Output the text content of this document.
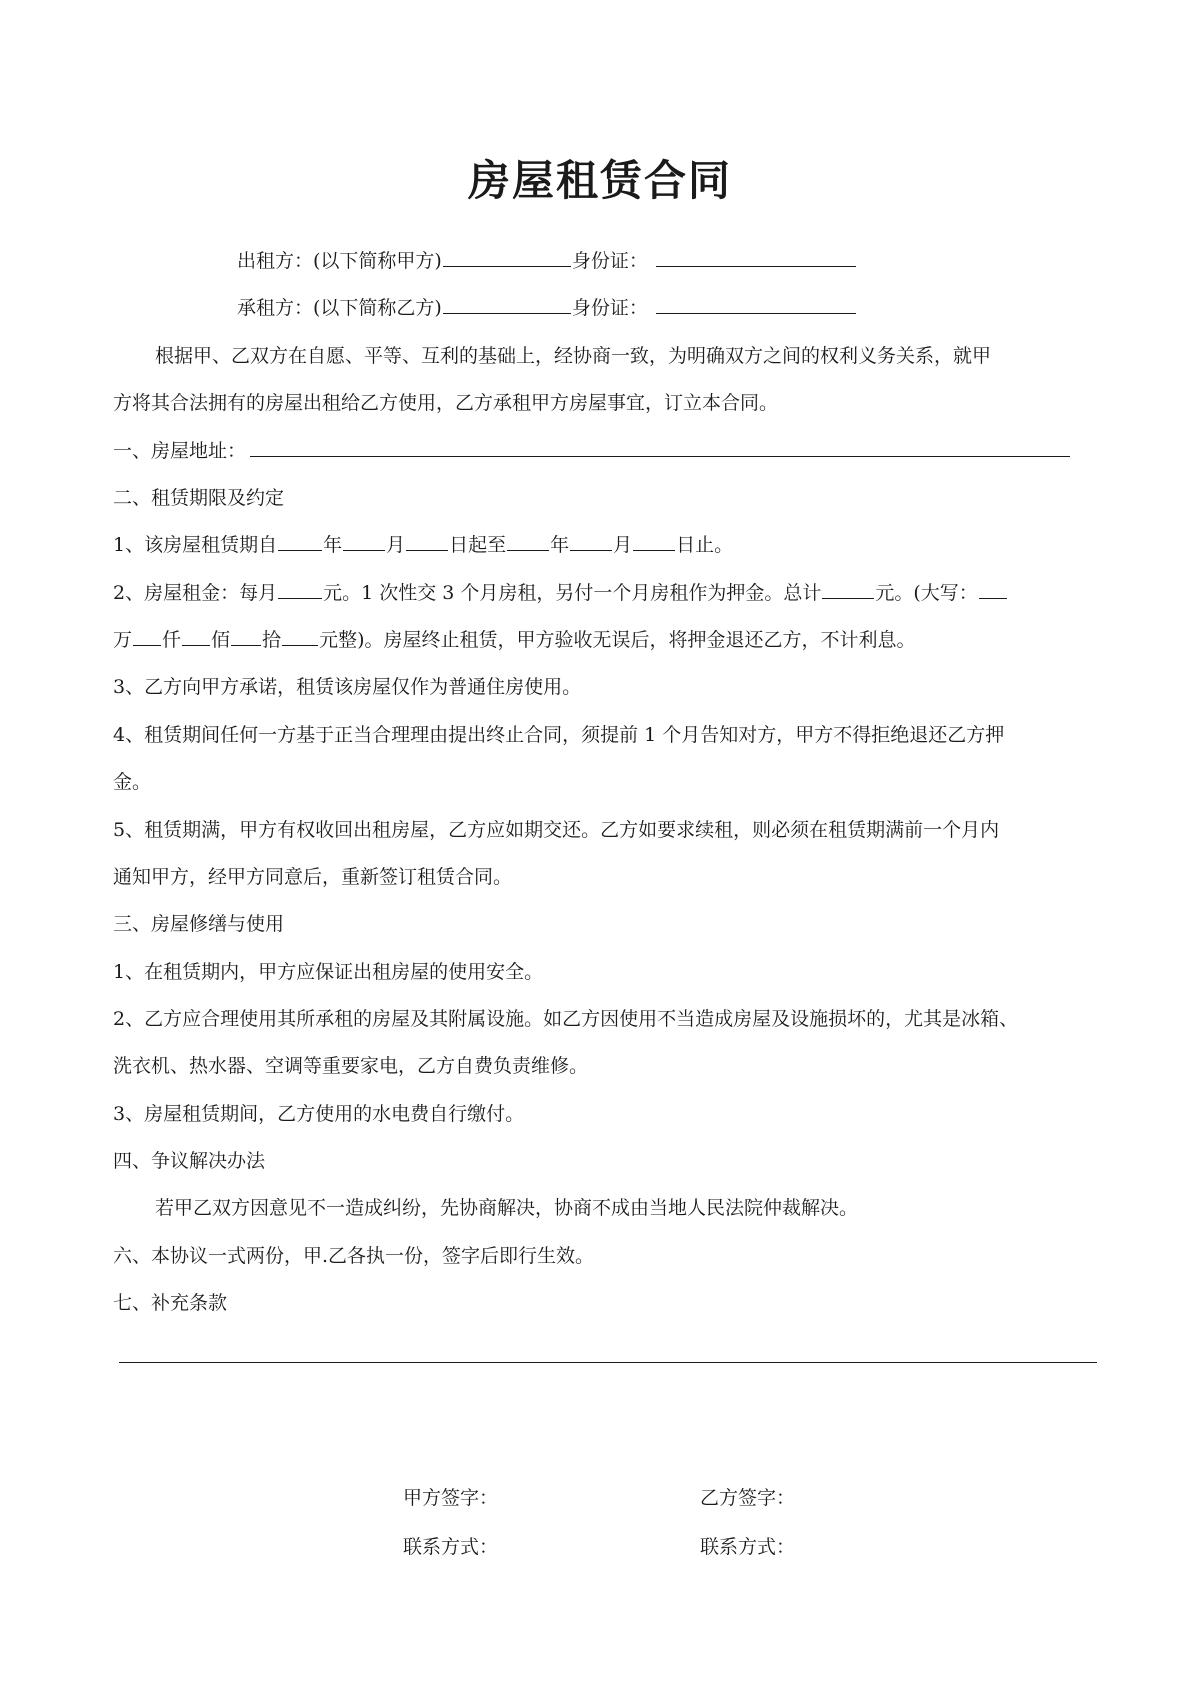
房屋租赁合同
出租方：(以下简称甲方)	身份证：
承租方：(以下简称乙方)	身份证：
根据甲、乙双方在自愿、平等、互利的基础上，经协商一致，为明确双方之间的权利义务关系，就甲
方将其合法拥有的房屋出租给乙方使用，乙方承租甲方房屋事宜，订立本合同。
一、房屋地址：
二、租赁期限及约定
1、该房屋租赁期自 年 月 日起至 年 月 日止。
2、房屋租金：每月 元。1 次性交 3 个月房租，另付一个月房租作为押金。总计	元。(大写：
万 仟 佰 拾 元整)。房屋终止租赁，甲方验收无误后，将押金退还乙方，不计利息。
3、乙方向甲方承诺，租赁该房屋仅作为普通住房使用。
4、租赁期间任何一方基于正当合理理由提出终止合同，须提前 1 个月告知对方，甲方不得拒绝退还乙方押
金。
5、租赁期满，甲方有权收回出租房屋，乙方应如期交还。乙方如要求续租，则必须在租赁期满前一个月内
通知甲方，经甲方同意后，重新签订租赁合同。
三、房屋修缮与使用
1、在租赁期内，甲方应保证出租房屋的使用安全。
2、乙方应合理使用其所承租的房屋及其附属设施。如乙方因使用不当造成房屋及设施损坏的，尤其是冰箱、
洗衣机、热水器、空调等重要家电，乙方自费负责维修。
3、房屋租赁期间，乙方使用的水电费自行缴付。
四、争议解决办法
若甲乙双方因意见不一造成纠纷，先协商解决，协商不成由当地人民法院仲裁解决。
六、本协议一式两份，甲.乙各执一份，签字后即行生效。
七、补充条款
甲方签字：	乙方签字：
联系方式：	联系方式：
